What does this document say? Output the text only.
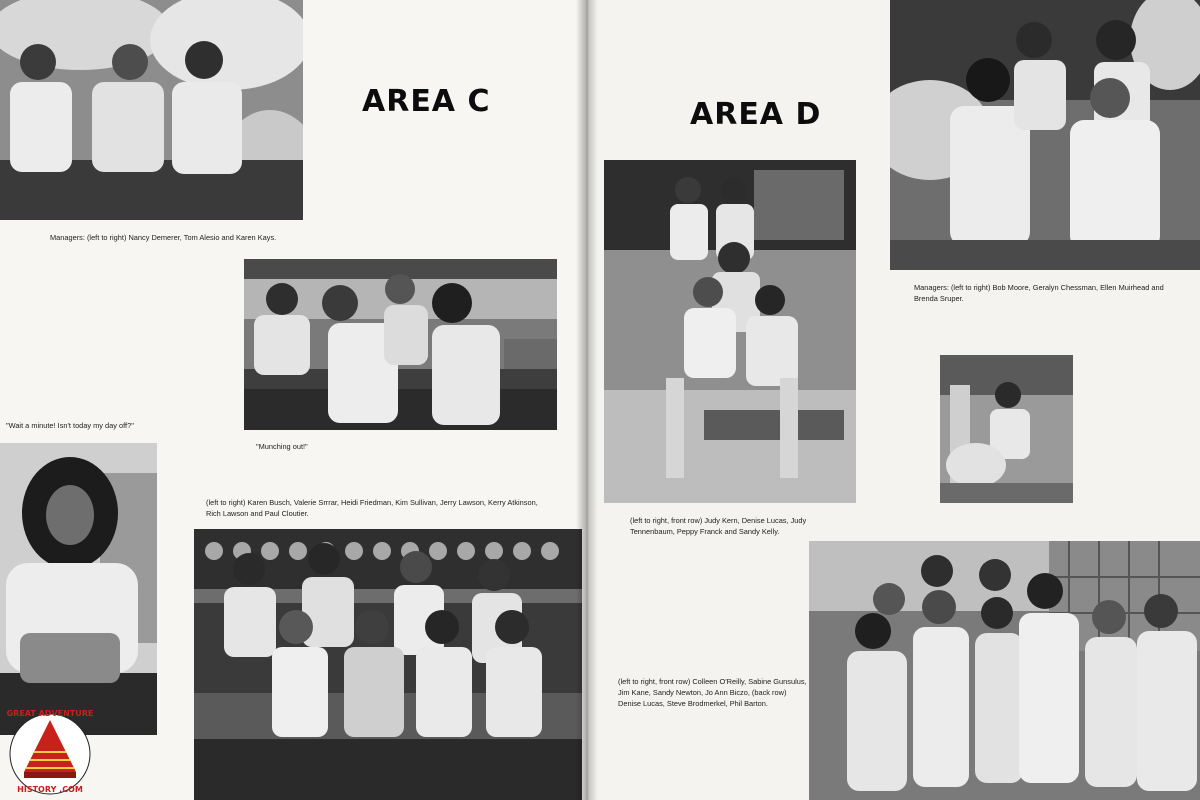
AREA C

Managers: (left to right) Nancy Demerer, Tom Alesio and Karen Kays.

"Wait a minute! Isn't today my day off?"

"Munching out!"

(left to right) Karen Busch, Valerie Srrrar, Heidi Friedman, Kim Sullivan, Jerry Lawson, Kerry Atkinson, Rich Lawson and Paul Cloutier.

GREAT ADVENTURE
HISTORY .COM
AREA D

Managers: (left to right) Bob Moore, Geralyn Chessman, Ellen Muirhead and Brenda Sruper.

(left to right, front row) Judy Kern, Denise Lucas, Judy Tennenbaum, Peppy Franck and Sandy Kelly.

(left to right, front row) Colleen O'Reilly, Sabine Gunsulus, Jim Kane, Sandy Newton, Jo Ann Biczo, (back row) Denise Lucas, Steve Brodmerkel, Phil Barton.
